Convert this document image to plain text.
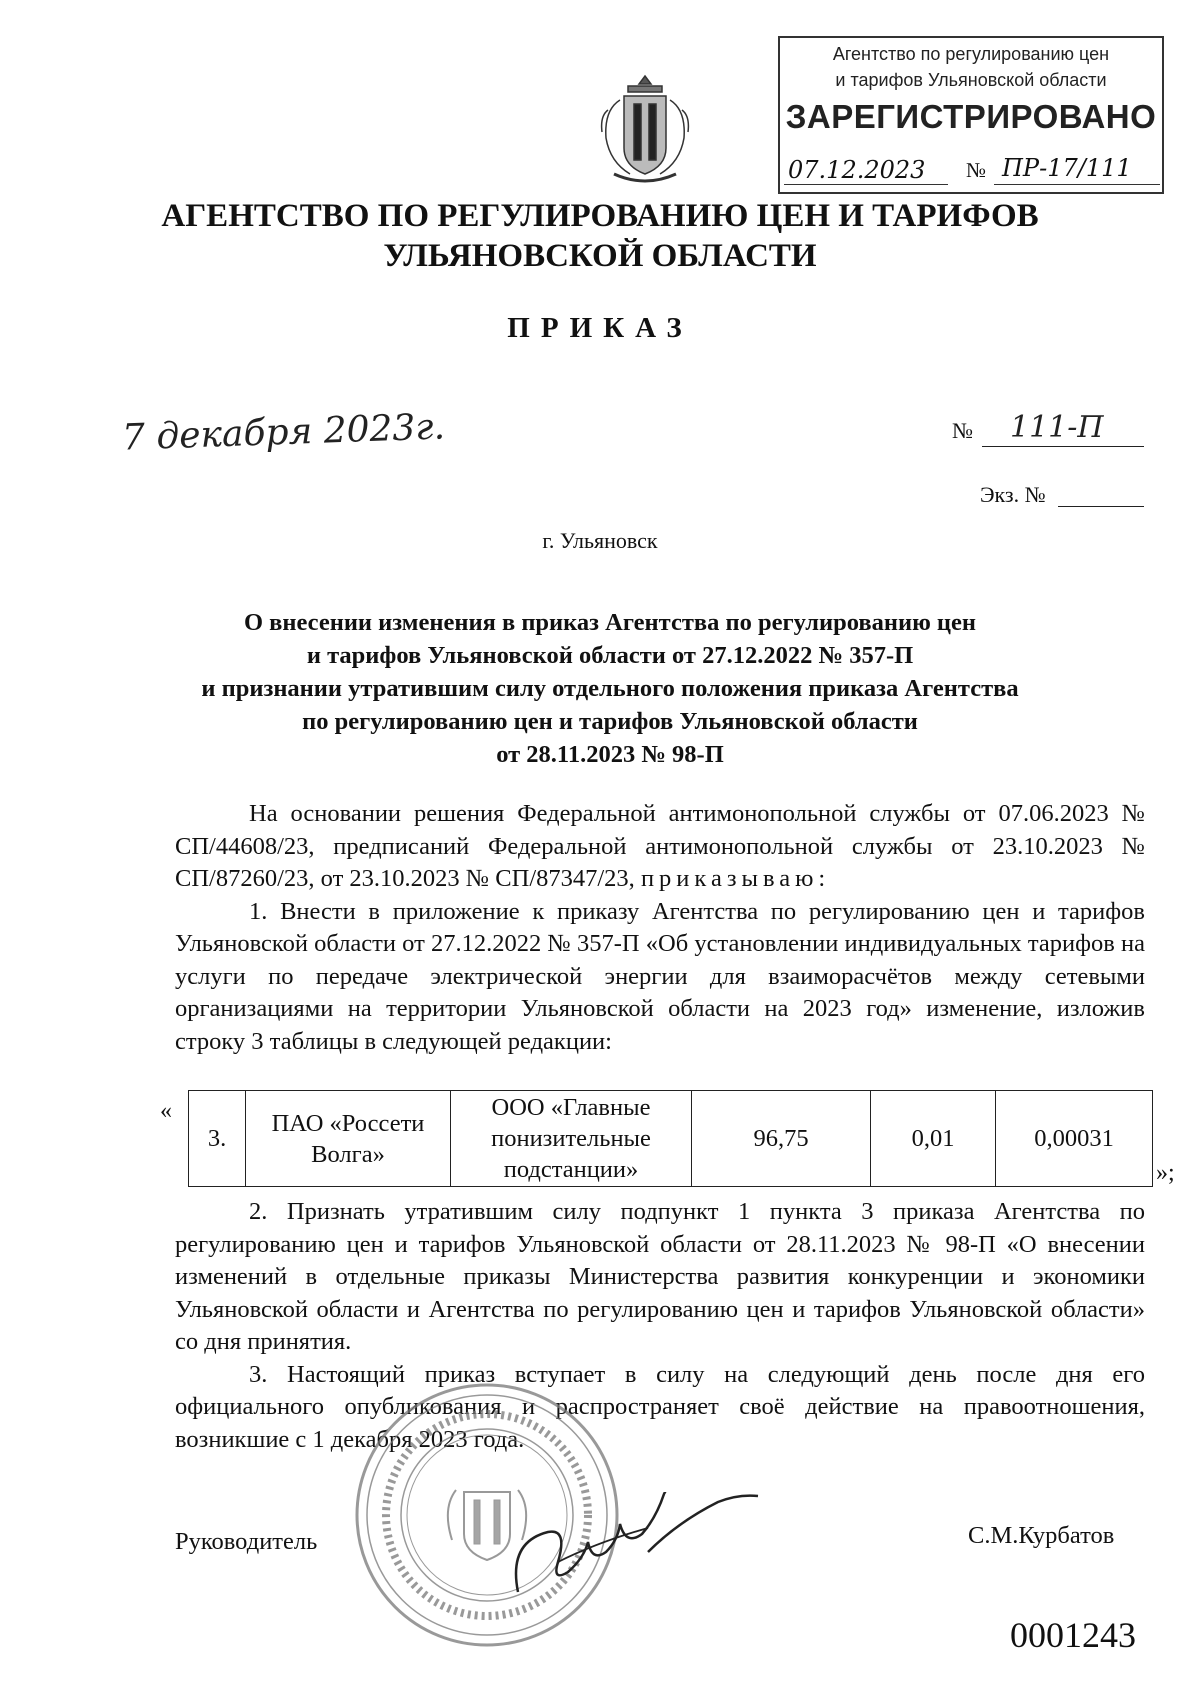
Агентство по регулированию цен
и тарифов Ульяновской области
ЗАРЕГИСТРИРОВАНО
07.12.2023 № ПР-17/111
АГЕНТСТВО ПО РЕГУЛИРОВАНИЮ ЦЕН И ТАРИФОВ
УЛЬЯНОВСКОЙ ОБЛАСТИ
ПРИКАЗ
7 декабря 2023г.	№ 111-П
Экз. №
г. Ульяновск
О внесении изменения в приказ Агентства по регулированию цен
и тарифов Ульяновской области от 27.12.2022 № 357-П
и признании утратившим силу отдельного положения приказа Агентства
по регулированию цен и тарифов Ульяновской области
от 28.11.2023 № 98-П

На основании решения Федеральной антимонопольной службы от 07.06.2023 № СП/44608/23, предписаний Федеральной антимонопольной службы от 23.10.2023 № СП/87260/23, от 23.10.2023 № СП/87347/23, приказываю:

1. Внести в приложение к приказу Агентства по регулированию цен и тарифов Ульяновской области от 27.12.2022 № 357-П «Об установлении индивидуальных тарифов на услуги по передаче электрической энергии для взаиморасчётов между сетевыми организациями на территории Ульяновской области на 2023 год» изменение, изложив строку 3 таблицы в следующей редакции:

«
3.	ПАО «Россети Волга»	ООО «Главные понизительные подстанции»	96,75	0,01	0,00031
»;

2. Признать утратившим силу подпункт 1 пункта 3 приказа Агентства по регулированию цен и тарифов Ульяновской области от 28.11.2023 № 98-П «О внесении изменений в отдельные приказы Министерства развития конкуренции и экономики Ульяновской области и Агентства по регулированию цен и тарифов Ульяновской области» со дня принятия.

3. Настоящий приказ вступает в силу на следующий день после дня его официального опубликования и распространяет своё действие на правоотношения, возникшие с 1 декабря 2023 года.

Руководитель	С.М.Курбатов
0001243
